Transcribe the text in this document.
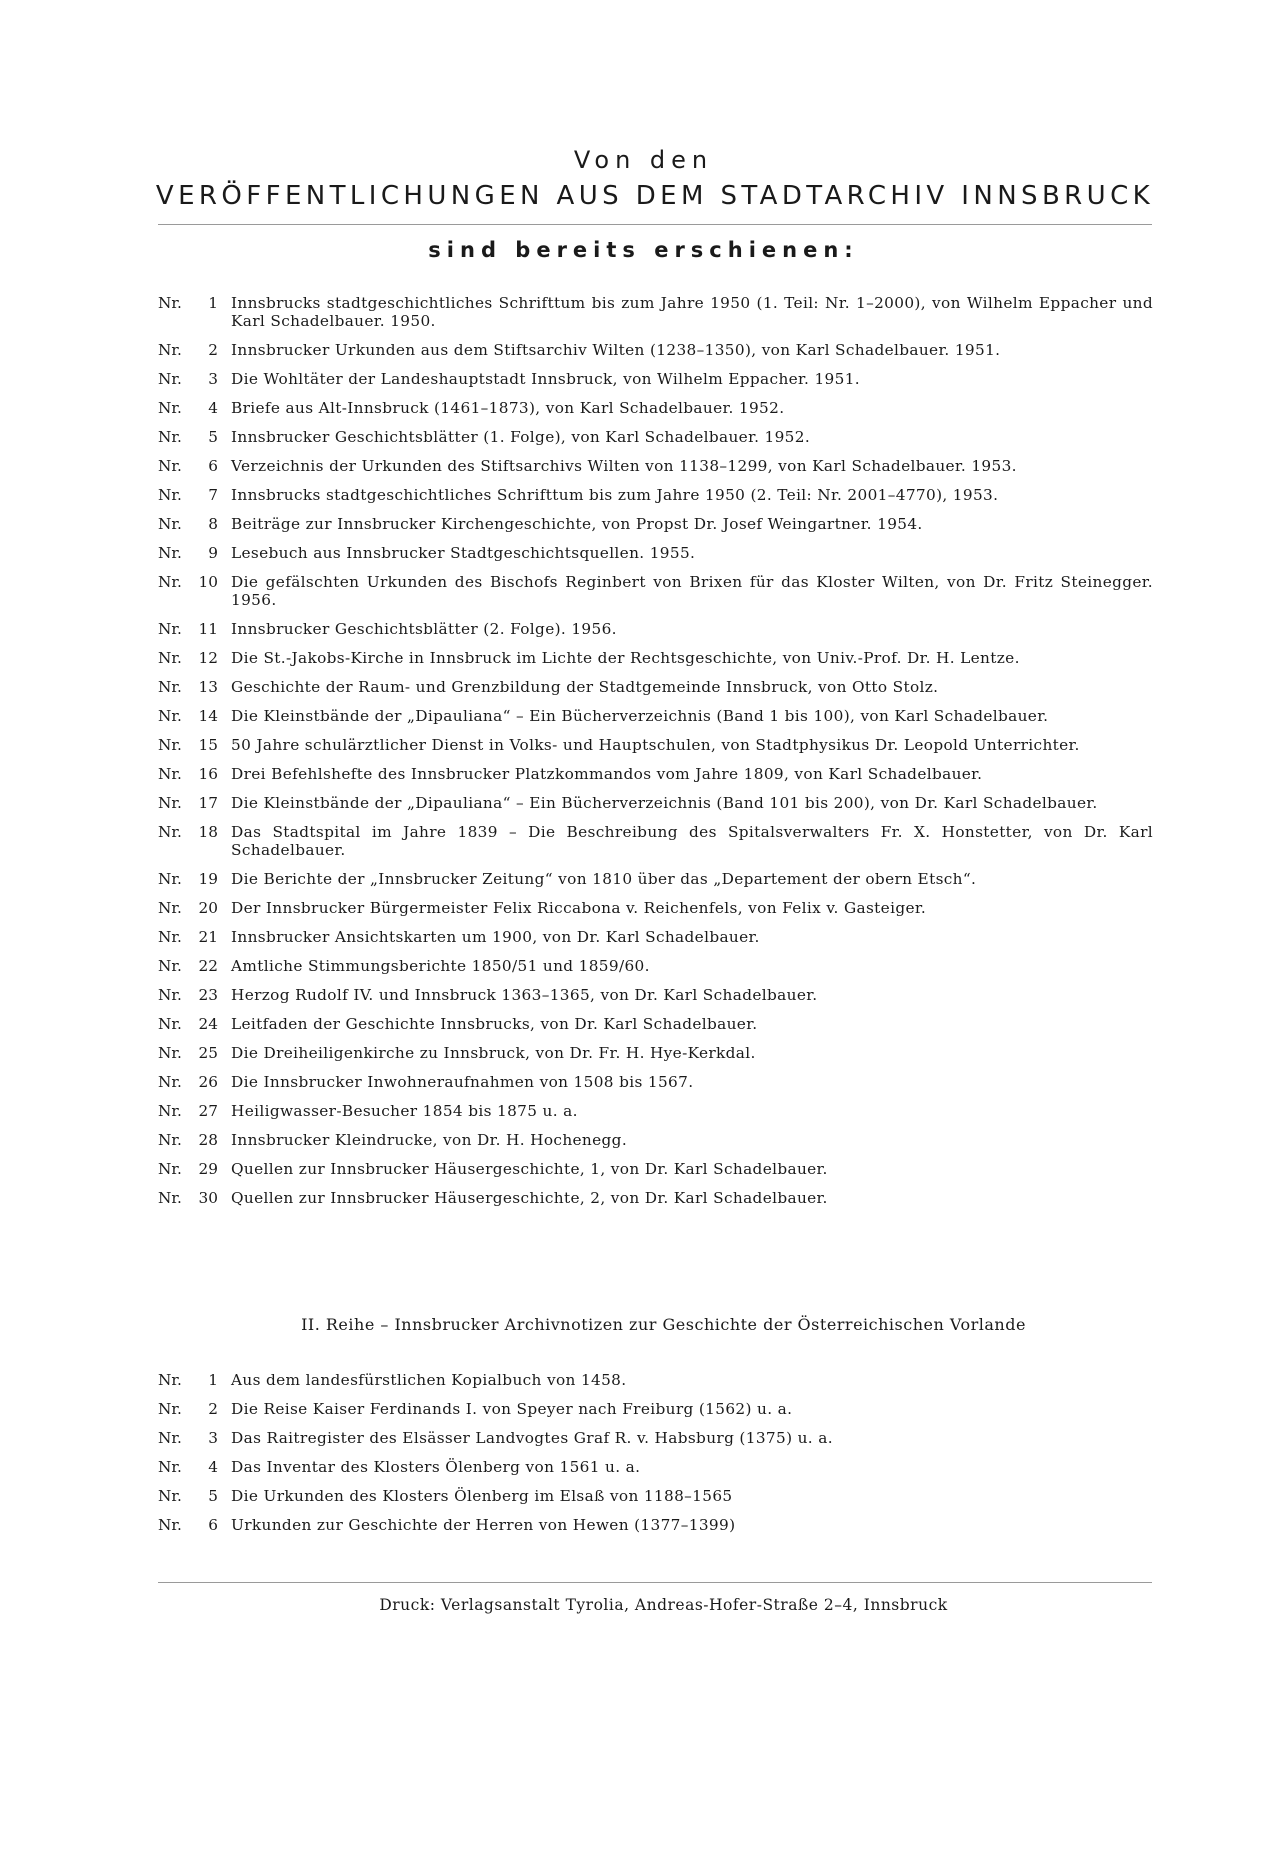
Von den
VERÖFFENTLICHUNGEN AUS DEM STADTARCHIV INNSBRUCK
sind bereits erschienen:
Nr. 1 Innsbrucks stadtgeschichtliches Schrifttum bis zum Jahre 1950 (1. Teil: Nr. 1–2000), von Wilhelm Eppacher und Karl Schadelbauer. 1950.
Nr. 2 Innsbrucker Urkunden aus dem Stiftsarchiv Wilten (1238–1350), von Karl Schadelbauer. 1951.
Nr. 3 Die Wohltäter der Landeshauptstadt Innsbruck, von Wilhelm Eppacher. 1951.
Nr. 4 Briefe aus Alt-Innsbruck (1461–1873), von Karl Schadelbauer. 1952.
Nr. 5 Innsbrucker Geschichtsblätter (1. Folge), von Karl Schadelbauer. 1952.
Nr. 6 Verzeichnis der Urkunden des Stiftsarchivs Wilten von 1138–1299, von Karl Schadelbauer. 1953.
Nr. 7 Innsbrucks stadtgeschichtliches Schrifttum bis zum Jahre 1950 (2. Teil: Nr. 2001–4770), 1953.
Nr. 8 Beiträge zur Innsbrucker Kirchengeschichte, von Propst Dr. Josef Weingartner. 1954.
Nr. 9 Lesebuch aus Innsbrucker Stadtgeschichtsquellen. 1955.
Nr. 10 Die gefälschten Urkunden des Bischofs Reginbert von Brixen für das Kloster Wilten, von Dr. Fritz Steinegger. 1956.
Nr. 11 Innsbrucker Geschichtsblätter (2. Folge). 1956.
Nr. 12 Die St.-Jakobs-Kirche in Innsbruck im Lichte der Rechtsgeschichte, von Univ.-Prof. Dr. H. Lentze.
Nr. 13 Geschichte der Raum- und Grenzbildung der Stadtgemeinde Innsbruck, von Otto Stolz.
Nr. 14 Die Kleinstbände der „Dipauliana“ – Ein Bücherverzeichnis (Band 1 bis 100), von Karl Schadelbauer.
Nr. 15 50 Jahre schulärztlicher Dienst in Volks- und Hauptschulen, von Stadtphysikus Dr. Leopold Unterrichter.
Nr. 16 Drei Befehlshefte des Innsbrucker Platzkommandos vom Jahre 1809, von Karl Schadelbauer.
Nr. 17 Die Kleinstbände der „Dipauliana“ – Ein Bücherverzeichnis (Band 101 bis 200), von Dr. Karl Schadelbauer.
Nr. 18 Das Stadtspital im Jahre 1839 – Die Beschreibung des Spitalsverwalters Fr. X. Honstetter, von Dr. Karl Schadelbauer.
Nr. 19 Die Berichte der „Innsbrucker Zeitung“ von 1810 über das „Departement der obern Etsch“.
Nr. 20 Der Innsbrucker Bürgermeister Felix Riccabona v. Reichenfels, von Felix v. Gasteiger.
Nr. 21 Innsbrucker Ansichtskarten um 1900, von Dr. Karl Schadelbauer.
Nr. 22 Amtliche Stimmungsberichte 1850/51 und 1859/60.
Nr. 23 Herzog Rudolf IV. und Innsbruck 1363–1365, von Dr. Karl Schadelbauer.
Nr. 24 Leitfaden der Geschichte Innsbrucks, von Dr. Karl Schadelbauer.
Nr. 25 Die Dreiheiligenkirche zu Innsbruck, von Dr. Fr. H. Hye-Kerkdal.
Nr. 26 Die Innsbrucker Inwohneraufnahmen von 1508 bis 1567.
Nr. 27 Heiligwasser-Besucher 1854 bis 1875 u. a.
Nr. 28 Innsbrucker Kleindrucke, von Dr. H. Hochenegg.
Nr. 29 Quellen zur Innsbrucker Häusergeschichte, 1, von Dr. Karl Schadelbauer.
Nr. 30 Quellen zur Innsbrucker Häusergeschichte, 2, von Dr. Karl Schadelbauer.
II. Reihe – Innsbrucker Archivnotizen zur Geschichte der Österreichischen Vorlande
Nr. 1 Aus dem landesfürstlichen Kopialbuch von 1458.
Nr. 2 Die Reise Kaiser Ferdinands I. von Speyer nach Freiburg (1562) u. a.
Nr. 3 Das Raitregister des Elsässer Landvogtes Graf R. v. Habsburg (1375) u. a.
Nr. 4 Das Inventar des Klosters Ölenberg von 1561 u. a.
Nr. 5 Die Urkunden des Klosters Ölenberg im Elsaß von 1188–1565
Nr. 6 Urkunden zur Geschichte der Herren von Hewen (1377–1399)
Druck: Verlagsanstalt Tyrolia, Andreas-Hofer-Straße 2–4, Innsbruck
